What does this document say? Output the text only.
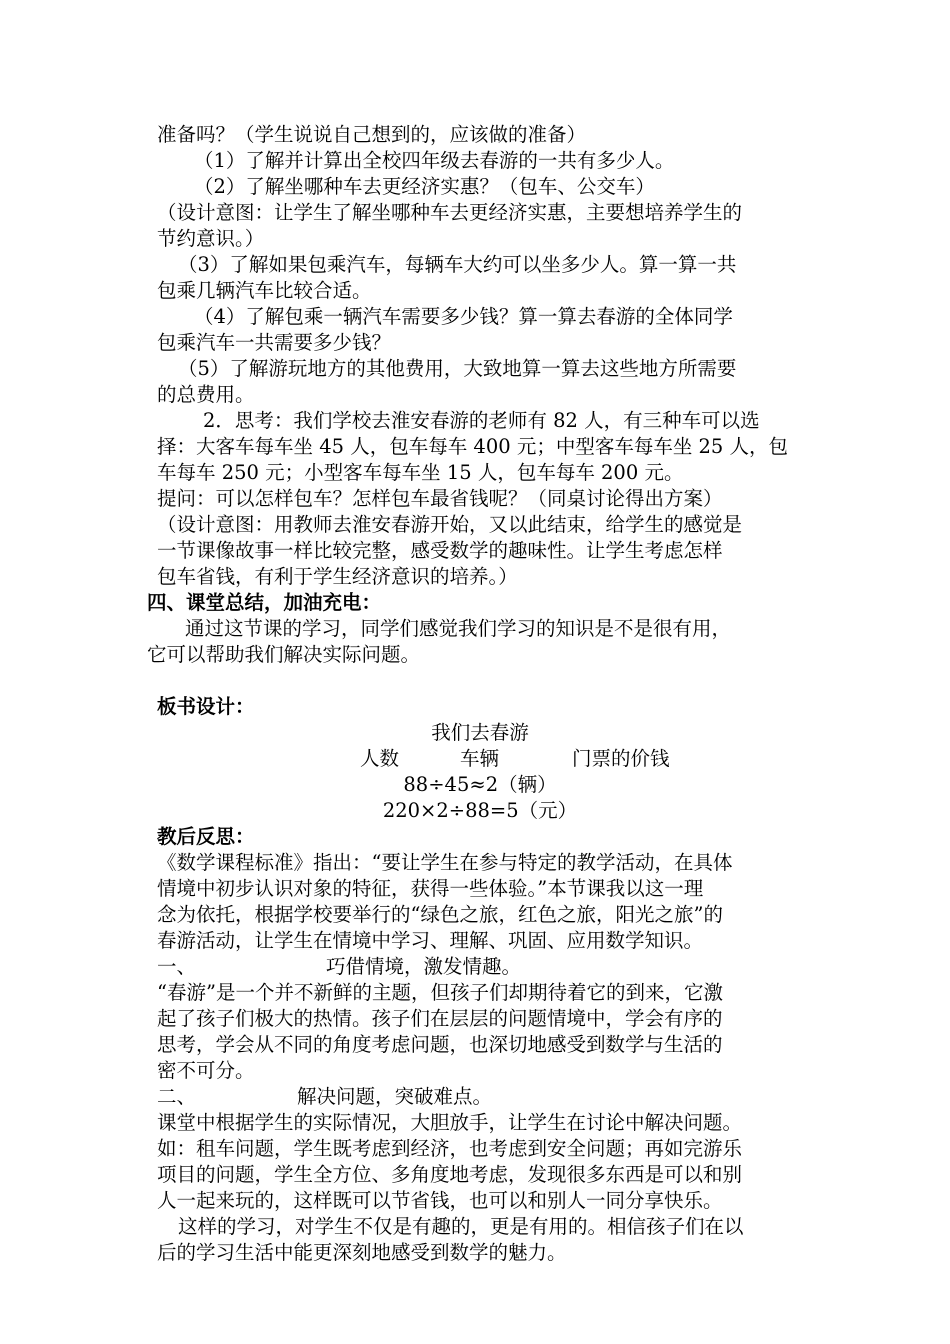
准备吗？（学生说说自己想到的，应该做的准备）
（1）了解并计算出全校四年级去春游的一共有多少人。
（2）了解坐哪种车去更经济实惠？（包车、公交车）
（设计意图：让学生了解坐哪种车去更经济实惠，主要想培养学生的
节约意识。）
（3）了解如果包乘汽车，每辆车大约可以坐多少人。算一算一共
包乘几辆汽车比较合适。
（4）了解包乘一辆汽车需要多少钱？算一算去春游的全体同学
包乘汽车一共需要多少钱？
（5）了解游玩地方的其他费用，大致地算一算去这些地方所需要
的总费用。
2．思考：我们学校去淮安春游的老师有 82 人，有三种车可以选
择：大客车每车坐 45 人，包车每车 400 元；中型客车每车坐 25 人，包
车每车 250 元；小型客车每车坐 15 人，包车每车 200 元。
提问：可以怎样包车？怎样包车最省钱呢？（同桌讨论得出方案）
（设计意图：用教师去淮安春游开始，又以此结束，给学生的感觉是
一节课像故事一样比较完整，感受数学的趣味性。让学生考虑怎样
包车省钱，有利于学生经济意识的培养。）
四、课堂总结，加油充电：
通过这节课的学习，同学们感觉我们学习的知识是不是很有用，
它可以帮助我们解决实际问题。
板书设计：
我们去春游
人数	车辆	门票的价钱
88÷45≈2（辆）
220×2÷88=5（元）
教后反思：
《数学课程标准》指出：“要让学生在参与特定的教学活动，在具体
情境中初步认识对象的特征，获得一些体验。”本节课我以这一理
念为依托，根据学校要举行的“绿色之旅，红色之旅，阳光之旅”的
春游活动，让学生在情境中学习、理解、巩固、应用数学知识。
一、	巧借情境，激发情趣。
“春游”是一个并不新鲜的主题，但孩子们却期待着它的到来，它激
起了孩子们极大的热情。孩子们在层层的问题情境中，学会有序的
思考，学会从不同的角度考虑问题，也深切地感受到数学与生活的
密不可分。
二、	解决问题，突破难点。
课堂中根据学生的实际情况，大胆放手，让学生在讨论中解决问题。
如：租车问题，学生既考虑到经济，也考虑到安全问题；再如完游乐
项目的问题，学生全方位、多角度地考虑，发现很多东西是可以和别
人一起来玩的，这样既可以节省钱，也可以和别人一同分享快乐。
这样的学习，对学生不仅是有趣的，更是有用的。相信孩子们在以
后的学习生活中能更深刻地感受到数学的魅力。
